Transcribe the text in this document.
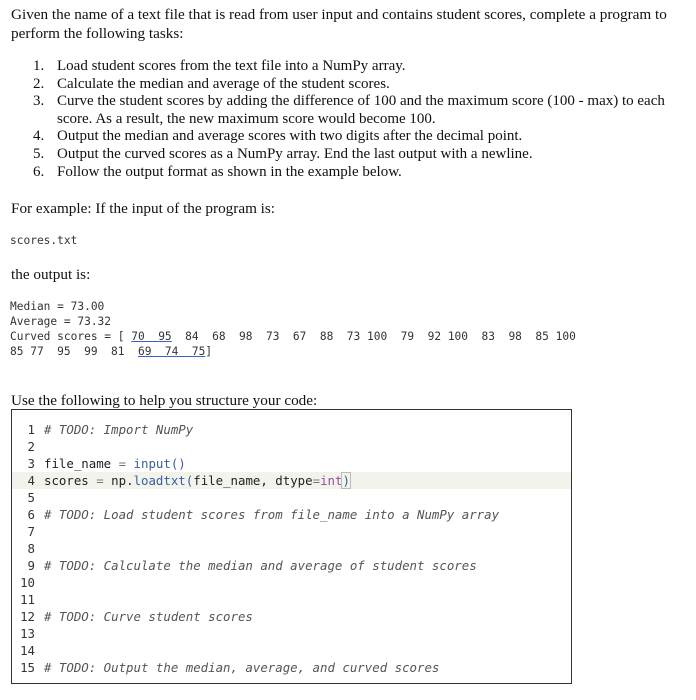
Given the name of a text file that is read from user input and contains student scores, complete a program to perform the following tasks:

1. Load student scores from the text file into a NumPy array.
2. Calculate the median and average of the student scores.
3. Curve the student scores by adding the difference of 100 and the maximum score (100 - max) to each score. As a result, the new maximum score would become 100.
4. Output the median and average scores with two digits after the decimal point.
5. Output the curved scores as a NumPy array. End the last output with a newline.
6. Follow the output format as shown in the example below.

For example: If the input of the program is:

scores.txt

the output is:

Median = 73.00
Average = 73.32
Curved scores = [ 70  95  84  68  98  73  67  88  73 100  79  92 100  83  98  85 100
85 77  95  99  81  69  74  75]

Use the following to help you structure your code:

1 # TODO: Import NumPy
2
3 file_name = input()
4 scores = np.loadtxt(file_name, dtype=int)
5
6 # TODO: Load student scores from file_name into a NumPy array
7
8
9 # TODO: Calculate the median and average of student scores
10
11
12 # TODO: Curve student scores
13
14
15 # TODO: Output the median, average, and curved scores
